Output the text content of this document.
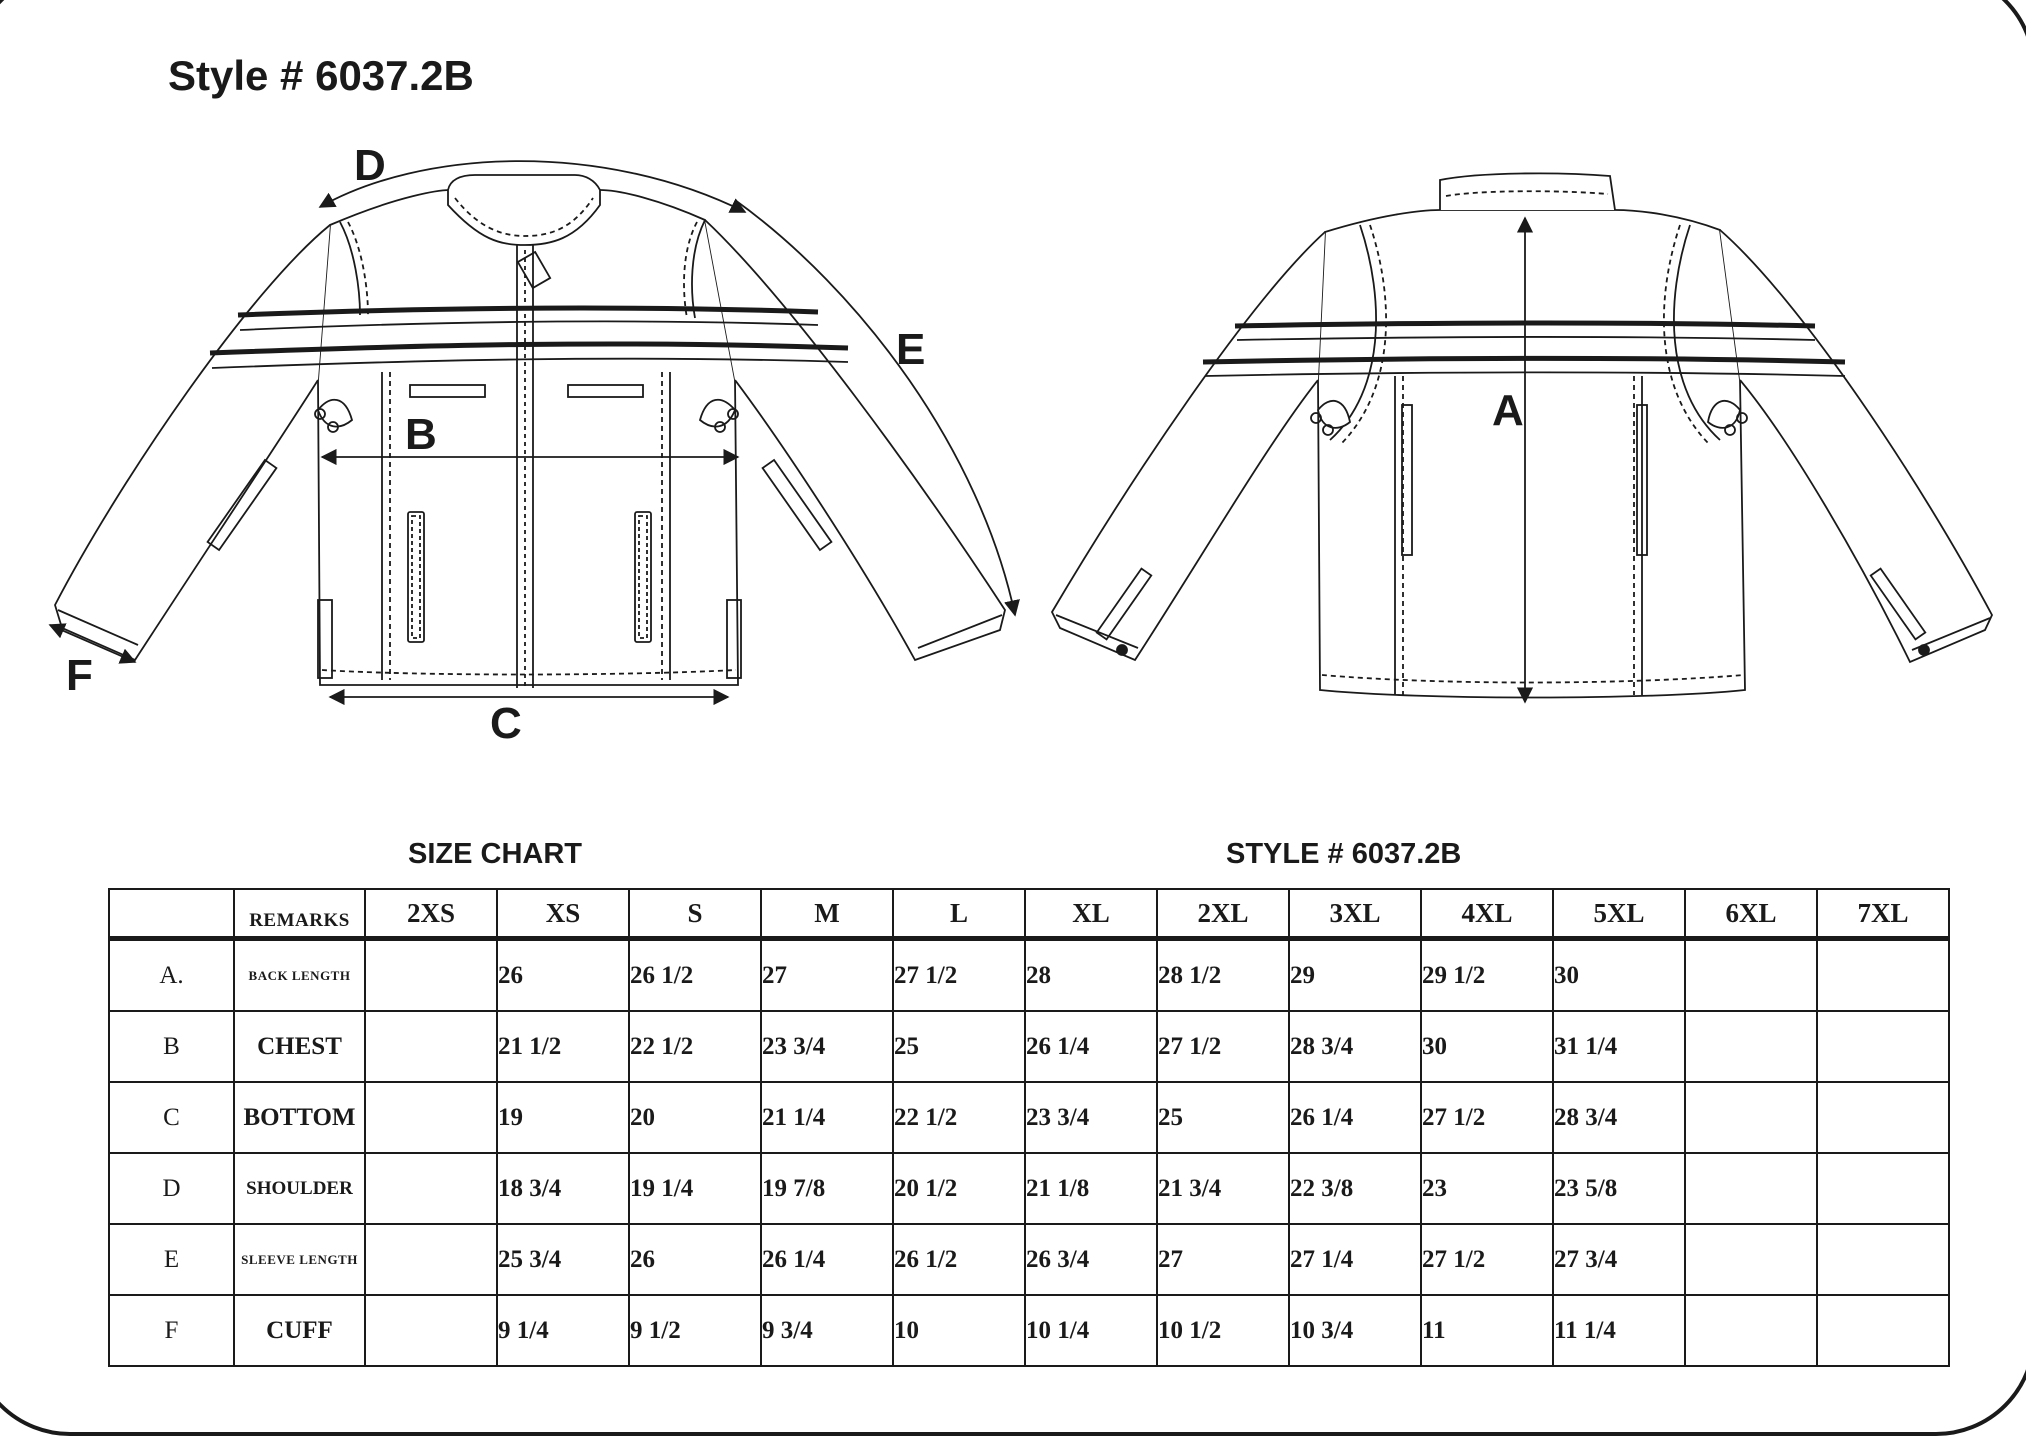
Style # 6037.2B
B
C
D
E
F
A
SIZE CHART	STYLE # 6037.2B
	REMARKS	2XS	XS	S	M	L	XL	2XL	3XL	4XL	5XL	6XL	7XL
A.	BACK LENGTH		26	26 1/2	27	27 1/2	28	28 1/2	29	29 1/2	30		
B	CHEST		21 1/2	22 1/2	23 3/4	25	26 1/4	27 1/2	28 3/4	30	31 1/4		
C	BOTTOM		19	20	21 1/4	22 1/2	23 3/4	25	26 1/4	27 1/2	28 3/4		
D	SHOULDER		18 3/4	19 1/4	19 7/8	20 1/2	21 1/8	21 3/4	22 3/8	23	23 5/8		
E	SLEEVE LENGTH		25 3/4	26	26 1/4	26 1/2	26 3/4	27	27 1/4	27 1/2	27 3/4		
F	CUFF		9 1/4	9 1/2	9 3/4	10	10 1/4	10 1/2	10 3/4	11	11 1/4		
